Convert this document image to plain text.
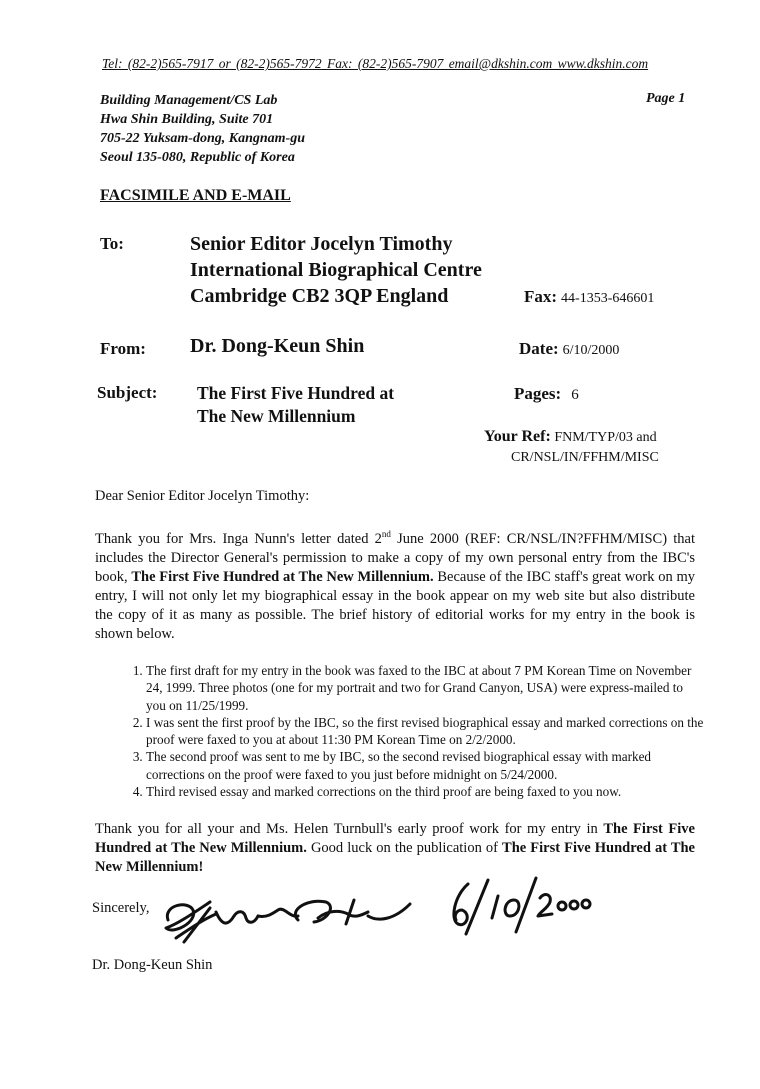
Tel: (82-2)565-7917 or (82-2)565-7972 Fax: (82-2)565-7907 email@dkshin.com www.dkshin.com
Building Management/CS Lab
Hwa Shin Building, Suite 701
705-22 Yuksam-dong, Kangnam-gu
Seoul 135-080, Republic of Korea
Page 1
FACSIMILE AND E-MAIL
To:	Senior Editor Jocelyn Timothy
International Biographical Centre
Cambridge CB2 3QP England	Fax: 44-1353-646601
From: Dr. Dong-Keun Shin	Date: 6/10/2000
Subject: The First Five Hundred at
The New Millennium
Pages: 6
Your Ref: FNM/TYP/03 and
CR/NSL/IN/FFHM/MISC
Dear Senior Editor Jocelyn Timothy:
Thank you for Mrs. Inga Nunn's letter dated 2nd June 2000 (REF: CR/NSL/IN?FFHM/MISC) that includes the Director General's permission to make a copy of my own personal entry from the IBC's book, The First Five Hundred at The New Millennium. Because of the IBC staff's great work on my entry, I will not only let my biographical essay in the book appear on my web site but also distribute the copy of it as many as possible. The brief history of editorial works for my entry in the book is shown below.
1. The first draft for my entry in the book was faxed to the IBC at about 7 PM Korean Time on November 24, 1999. Three photos (one for my portrait and two for Grand Canyon, USA) were express-mailed to you on 11/25/1999.
2. I was sent the first proof by the IBC, so the first revised biographical essay and marked corrections on the proof were faxed to you at about 11:30 PM Korean Time on 2/2/2000.
3. The second proof was sent to me by IBC, so the second revised biographical essay with marked corrections on the proof were faxed to you just before midnight on 5/24/2000.
4. Third revised essay and marked corrections on the third proof are being faxed to you now.
Thank you for all your and Ms. Helen Turnbull's early proof work for my entry in The First Five Hundred at The New Millennium. Good luck on the publication of The First Five Hundred at The New Millennium!
Sincerely,
Dr. Dong-Keun Shin
